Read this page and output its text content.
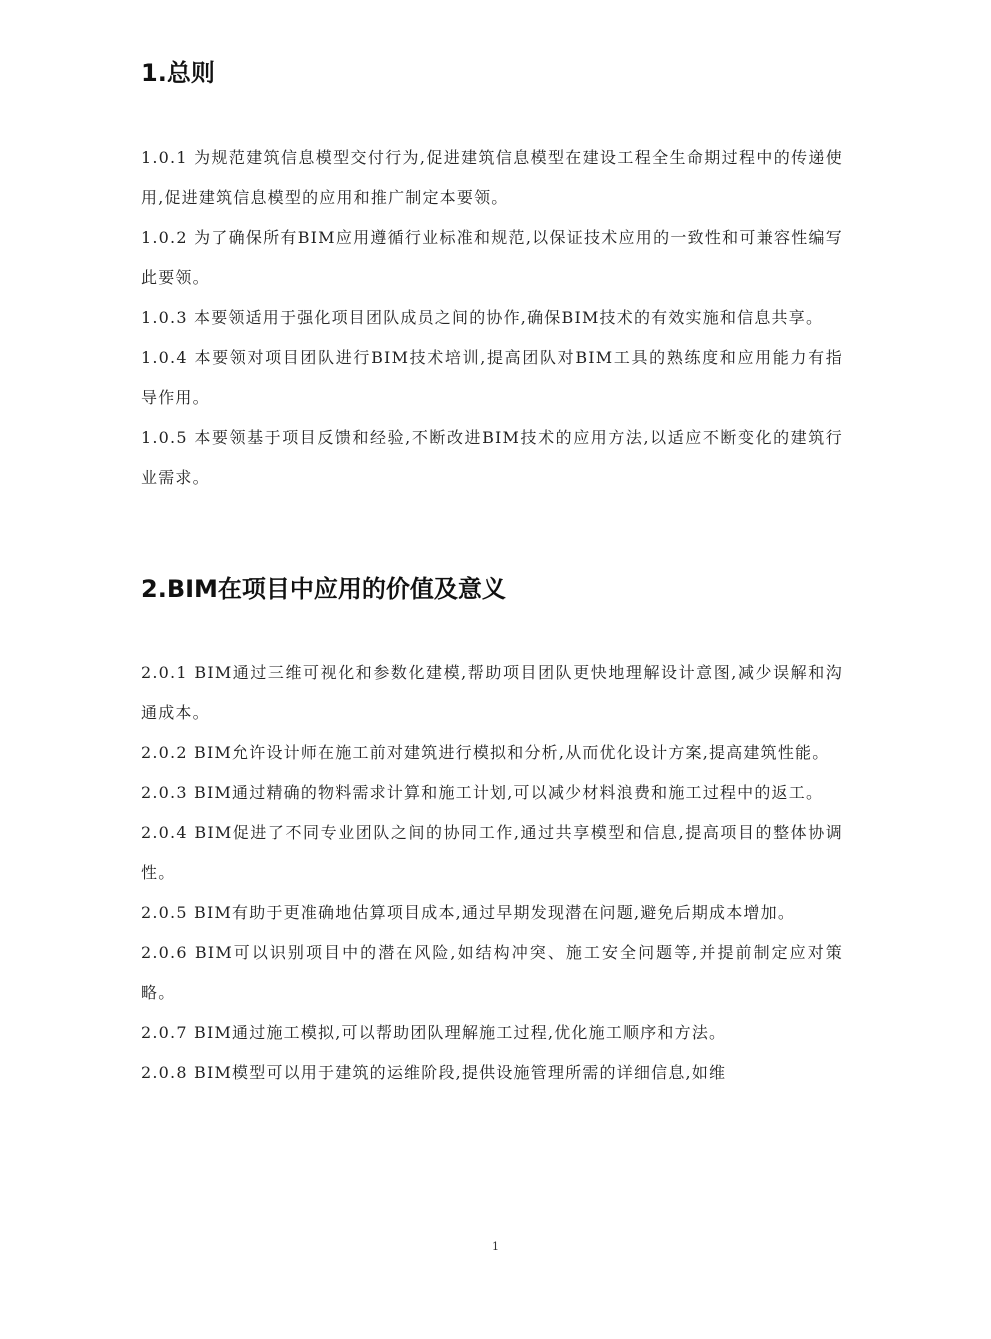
1.总则

1.0.1 为规范建筑信息模型交付行为,促进建筑信息模型在建设工程全生命期过程中的传递使用,促进建筑信息模型的应用和推广制定本要领。

1.0.2 为了确保所有BIM应用遵循行业标准和规范,以保证技术应用的一致性和可兼容性编写此要领。

1.0.3 本要领适用于强化项目团队成员之间的协作,确保BIM技术的有效实施和信息共享。

1.0.4 本要领对项目团队进行BIM技术培训,提高团队对BIM工具的熟练度和应用能力有指导作用。

1.0.5 本要领基于项目反馈和经验,不断改进BIM技术的应用方法,以适应不断变化的建筑行业需求。

2.BIM在项目中应用的价值及意义

2.0.1 BIM通过三维可视化和参数化建模,帮助项目团队更快地理解设计意图,减少误解和沟通成本。

2.0.2 BIM允许设计师在施工前对建筑进行模拟和分析,从而优化设计方案,提高建筑性能。

2.0.3 BIM通过精确的物料需求计算和施工计划,可以减少材料浪费和施工过程中的返工。

2.0.4 BIM促进了不同专业团队之间的协同工作,通过共享模型和信息,提高项目的整体协调性。

2.0.5 BIM有助于更准确地估算项目成本,通过早期发现潜在问题,避免后期成本增加。

2.0.6 BIM可以识别项目中的潜在风险,如结构冲突、施工安全问题等,并提前制定应对策略。

2.0.7 BIM通过施工模拟,可以帮助团队理解施工过程,优化施工顺序和方法。

2.0.8 BIM模型可以用于建筑的运维阶段,提供设施管理所需的详细信息,如维

1
